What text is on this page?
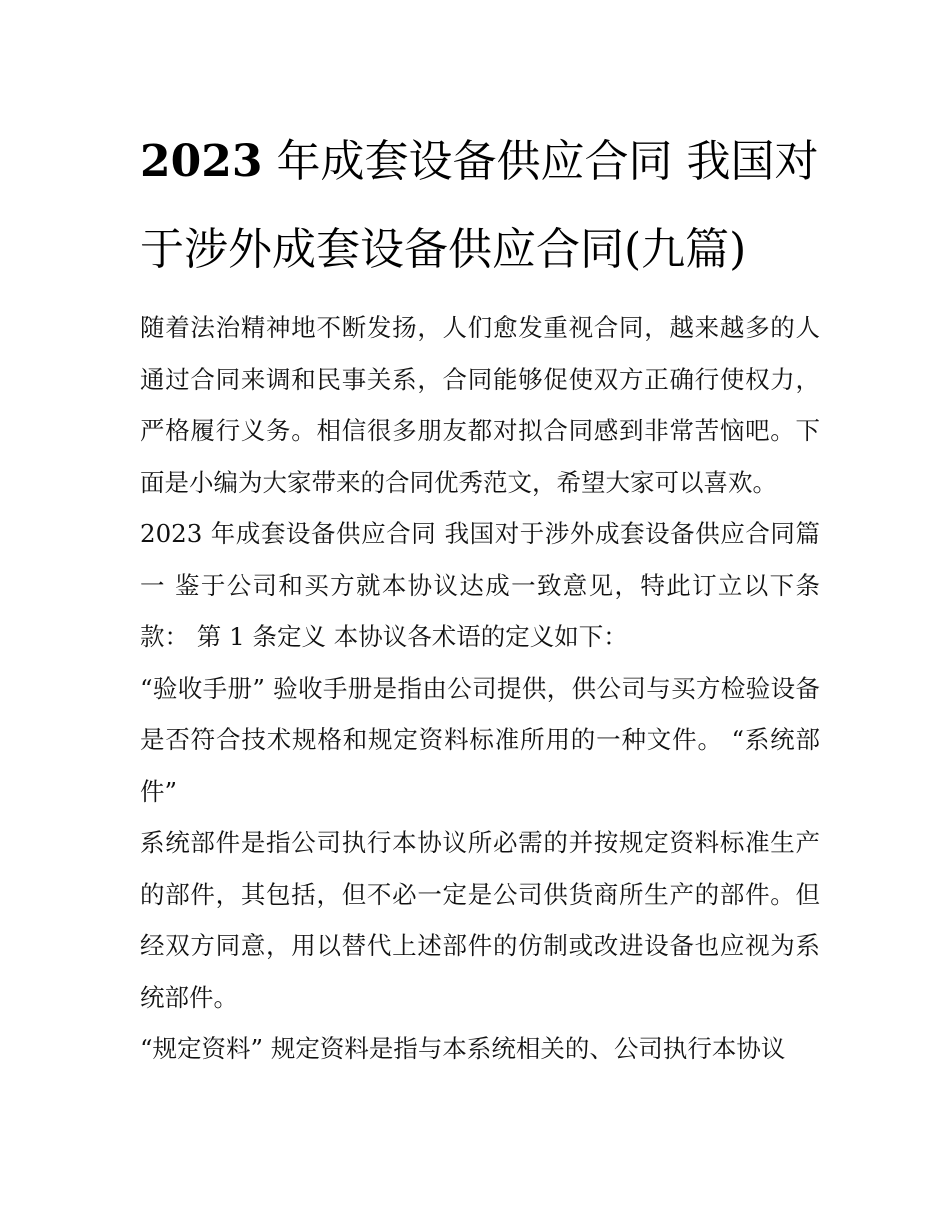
2023 年成套设备供应合同 我国对于涉外成套设备供应合同(九篇)

随着法治精神地不断发扬，人们愈发重视合同，越来越多的人通过合同来调和民事关系，合同能够促使双方正确行使权力，严格履行义务。相信很多朋友都对拟合同感到非常苦恼吧。下面是小编为大家带来的合同优秀范文，希望大家可以喜欢。

2023 年成套设备供应合同 我国对于涉外成套设备供应合同篇一 鉴于公司和买方就本协议达成一致意见，特此订立以下条款： 第 1 条定义 本协议各术语的定义如下：

“验收手册” 验收手册是指由公司提供，供公司与买方检验设备是否符合技术规格和规定资料标准所用的一种文件。 “系统部件”

系统部件是指公司执行本协议所必需的并按规定资料标准生产的部件，其包括，但不必一定是公司供货商所生产的部件。但经双方同意，用以替代上述部件的仿制或改进设备也应视为系统部件。

“规定资料” 规定资料是指与本系统相关的、公司执行本协议
